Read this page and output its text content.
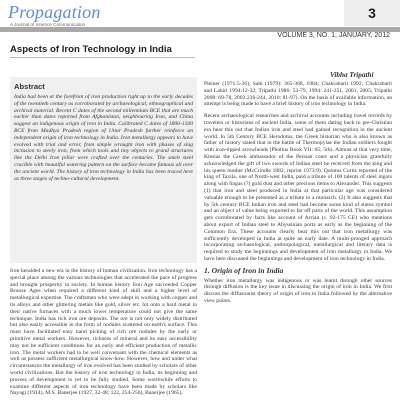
Propagation
A Journal of Science Communication
3
VOLUME 3, NO. 1, JANUARY, 2012
Aspects of Iron Technology in India
Vibha Tripathi
Abstract
India had been at the forefront of iron production right up to the early decades of the twentieth century as corroborated by archaeological, ethnographical and archival material. Recent C dates of the second millennium BCE that are much earlier than dates reported from Afghanistan, neighbouring Iran, and China suggest an indigenous origin of iron in India. Calibrated C dates of 1800-1500 BCE from Madhya Pradesh region of Uttar Pradesh further reinforce an independent origin of iron technology in India. Iron metallurgy appears to have evolved with trial and error, from simple wrought iron with phases of slag inclusion to steely iron, from which tools and tiny objects to grand structures like the Delhi Iron pillar were crafted over the centuries. The smelt steel crucible with beautiful watering pattern on the surface became famous all over the ancient world. The history of iron technology in India has been traced here as three stages of techno-cultural development.
Iron heralded a new era in the history of human civilization. Iron technology has a special place among the various technologies that accelerated the pace of progress and brought prosperity in society. In human history Iron Age succeeded Copper Bronze Ages when required a different kind of skill and a higher level of metallurgical expertise. The craftsmen who were adept in working with copper and its alloys and other glittering metals like gold, silver etc. hit onto a hard metal in their native furnaces with a much lower temperature could not give the same technique. India has rich iron ore deposits. The ore is not only widely distributed but also easily accessible in the form of nodules scattered on earth's surface. This must have facilitated easy hand picking of rich ore nodules by the early or primitive metal workers. However, richness of mineral and its easy accessibility may not be sufficient conditions for an early and efficient production of metallic iron. The metal workers had to be well conversant with the chemical elements as well as possess sufficient metallurgical know-how. However, how and under what circumstances the metallurgy of iron evolved has been studied by scholars of other world civilizations. But the history of iron technology in India, its beginning and process of development is yet to be fully studied. Some worthwhile efforts to examine different aspects of iron technology have been made by scholars like Nayagi (1914), M.S. Banerjee (1927, 32-48; 122, 254-256), Banerjee (1965),

Pleiner (1971:5-36), Sahi (1979): 365-368, 1984; Chakrabarti 1992; Chakrabarti and Lahiri 1994:12-32; Tripathi 1986: 53-79, 1994: 241-251, 2001, 2005; Tripathi 2008: 69-78, 2003:236-244, 2010: 81-97). On the basis of available information, an attempt is being made to have a brief history of iron technology in India.

Recent archaeological researches and archival accounts including travel records by travelers or historians of ancient India, some of them dating back to pre-Christian era bear this out that Indian iron and steel had gained recognition in the ancient world. In 5th Century BCE Herodotus, the Greek historian who is also known as father of history stated that in the battle of Thermopylae the Indian soldiers fought with iron-tipped arrowheads (Photius Book VII: 65; 5th). Almost at that very time, Ktesias the Greek ambassador of the Persian court and a physician gratefully acknowledged the gift of two swords of Indian steel he received from the king and his queen mother (McCrindle 1882, reprint 1973:9). Quintus Curtis reported of the king of Taxila, one of North-west India, paid a tribute of 100 talents of steel ingots along with lingas (?) gold dust and other precious items to Alexander. This suggests (1) that iron and steel produced in India at that particular age was considered valuable enough to be presented as a tribute to a monarch. (2) It also suggests that by 5th century BCE Indian iron and steel had become some kind of status symbol and an object of value being exported to far off parts of the world. This assumption gets corroborated by facts like account of Arrian (c. 92-175 CE) who mentions about export of Indian steel to Abyssinian ports as early as the beginning of the Common Era. These accounts clearly bear this out that iron metallurgy was sufficiently developed in India at quite an early date. A multi-pronged approach incorporating archaeological, anthropological, metallurgical and literary data is required to study the beginnings and development of iron metallurgy in India. We have here discussed the beginnings and development of iron technology in India.

1. Origin of Iron in India

Whether iron metallurgy was indigenous or was learnt through other sources through diffusion is the key issue in discussing the origin of iron in India. We first discuss the diffusionist theory of origin of iron in India followed by the alternative view points.
